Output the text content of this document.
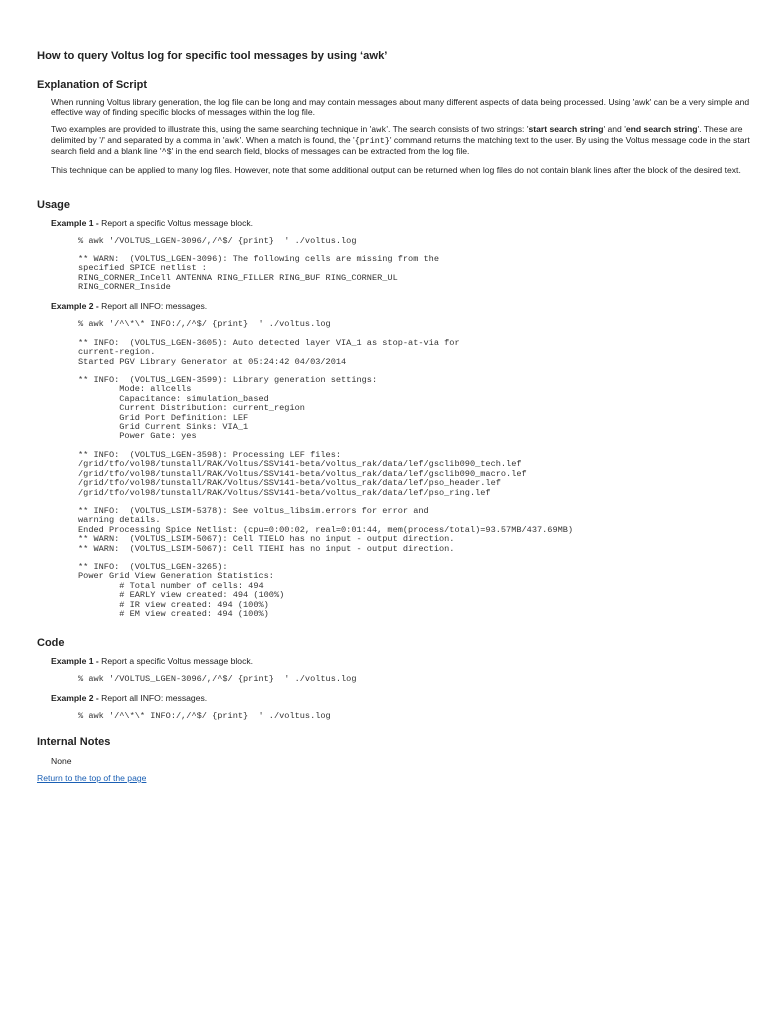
How to query Voltus log for specific tool messages by using ‘awk’
Explanation of Script

When running Voltus library generation, the log file can be long and may contain messages about many different aspects of data being processed. Using 'awk' can be a very simple and effective way of finding specific blocks of messages within the log file.

Two examples are provided to illustrate this, using the same searching technique in 'awk'. The search consists of two strings: 'start search string' and 'end search string'. These are delimited by '/' and separated by a comma in 'awk'. When a match is found, the '{print}' command returns the matching text to the user. By using the Voltus message code in the start search field and a blank line '^$' in the end search field, blocks of messages can be extracted from the log file.

This technique can be applied to many log files. However, note that some additional output can be returned when log files do not contain blank lines after the block of the desired text.

Usage
Example 1 - Report a specific Voltus message block.
% awk '/VOLTUS_LGEN-3096/,/^$/ {print}  ' ./voltus.log
** WARN:  (VOLTUS_LGEN-3096): The following cells are missing from the
specified SPICE netlist :
RING_CORNER_InCell ANTENNA RING_FILLER RING_BUF RING_CORNER_UL
RING_CORNER_Inside
Example 2 - Report all INFO: messages.
% awk '/^\*\* INFO:/,/^$/ {print}  ' ./voltus.log
** INFO:  (VOLTUS_LGEN-3605): Auto detected layer VIA_1 as stop-at-via for
current-region.
Started PGV Library Generator at 05:24:42 04/03/2014
** INFO:  (VOLTUS_LGEN-3599): Library generation settings:
Mode: allcells
Capacitance: simulation_based
Current Distribution: current_region
Grid Port Definition: LEF
Grid Current Sinks: VIA_1
Power Gate: yes
** INFO:  (VOLTUS_LGEN-3598): Processing LEF files:
/grid/tfo/vol98/tunstall/RAK/Voltus/SSV141-beta/voltus_rak/data/lef/gsclib090_tech.lef
/grid/tfo/vol98/tunstall/RAK/Voltus/SSV141-beta/voltus_rak/data/lef/gsclib090_macro.lef
/grid/tfo/vol98/tunstall/RAK/Voltus/SSV141-beta/voltus_rak/data/lef/pso_header.lef
/grid/tfo/vol98/tunstall/RAK/Voltus/SSV141-beta/voltus_rak/data/lef/pso_ring.lef
** INFO:  (VOLTUS_LSIM-5378): See voltus_libsim.errors for error and
warning details.
Ended Processing Spice Netlist: (cpu=0:00:02, real=0:01:44, mem(process/total)=93.57MB/437.69MB)
** WARN:  (VOLTUS_LSIM-5067): Cell TIELO has no input - output direction.
** WARN:  (VOLTUS_LSIM-5067): Cell TIEHI has no input - output direction.
** INFO:  (VOLTUS_LGEN-3265):
Power Grid View Generation Statistics:
# Total number of cells: 494
# EARLY view created: 494 (100%)
# IR view created: 494 (100%)
# EM view created: 494 (100%)
Code
Example 1 - Report a specific Voltus message block.
% awk '/VOLTUS_LGEN-3096/,/^$/ {print}  ' ./voltus.log
Example 2 - Report all INFO: messages.
% awk '/^\*\* INFO:/,/^$/ {print}  ' ./voltus.log
Internal Notes
None
Return to the top of the page
